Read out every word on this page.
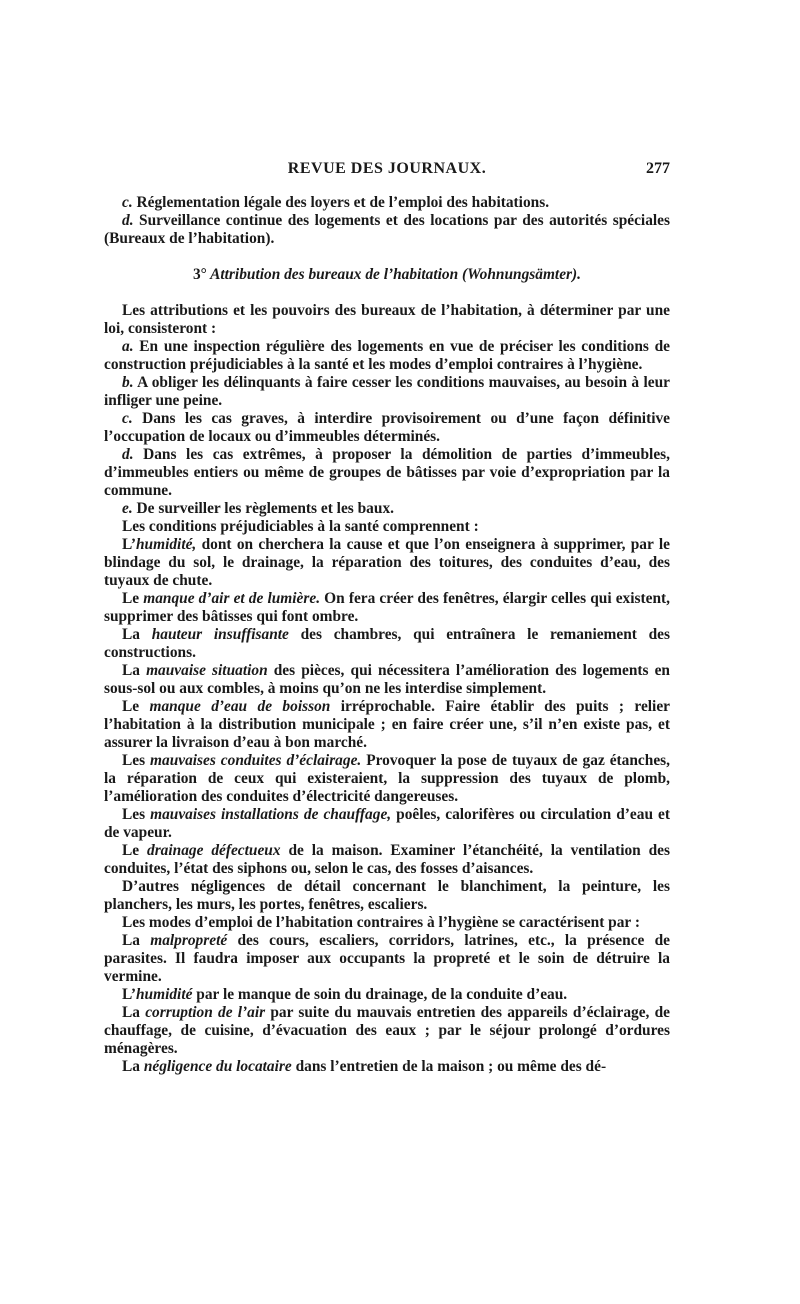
REVUE DES JOURNAUX.	277

c. Réglementation légale des loyers et de l’emploi des habitations.

d. Surveillance continue des logements et des locations par des autorités spéciales (Bureaux de l’habitation).

3° Attribution des bureaux de l’habitation (Wohnungsämter).

Les attributions et les pouvoirs des bureaux de l’habitation, à déterminer par une loi, consisteront :

a. En une inspection régulière des logements en vue de préciser les conditions de construction préjudiciables à la santé et les modes d’emploi contraires à l’hygiène.

b. A obliger les délinquants à faire cesser les conditions mauvaises, au besoin à leur infliger une peine.

c. Dans les cas graves, à interdire provisoirement ou d’une façon définitive l’occupation de locaux ou d’immeubles déterminés.

d. Dans les cas extrêmes, à proposer la démolition de parties d’immeubles, d’immeubles entiers ou même de groupes de bâtisses par voie d’expropriation par la commune.

e. De surveiller les règlements et les baux.

Les conditions préjudiciables à la santé comprennent :

L’humidité, dont on cherchera la cause et que l’on enseignera à supprimer, par le blindage du sol, le drainage, la réparation des toitures, des conduites d’eau, des tuyaux de chute.

Le manque d’air et de lumière. On fera créer des fenêtres, élargir celles qui existent, supprimer des bâtisses qui font ombre.

La hauteur insuffisante des chambres, qui entraînera le remaniement des constructions.

La mauvaise situation des pièces, qui nécessitera l’amélioration des logements en sous-sol ou aux combles, à moins qu’on ne les interdise simplement.

Le manque d’eau de boisson irréprochable. Faire établir des puits ; relier l’habitation à la distribution municipale ; en faire créer une, s’il n’en existe pas, et assurer la livraison d’eau à bon marché.

Les mauvaises conduites d’éclairage. Provoquer la pose de tuyaux de gaz étanches, la réparation de ceux qui existeraient, la suppression des tuyaux de plomb, l’amélioration des conduites d’électricité dangereuses.

Les mauvaises installations de chauffage, poêles, calorifères ou circulation d’eau et de vapeur.

Le drainage défectueux de la maison. Examiner l’étanchéité, la ventilation des conduites, l’état des siphons ou, selon le cas, des fosses d’aisances.

D’autres négligences de détail concernant le blanchiment, la peinture, les planchers, les murs, les portes, fenêtres, escaliers.

Les modes d’emploi de l’habitation contraires à l’hygiène se caractérisent par :

La malpropreté des cours, escaliers, corridors, latrines, etc., la présence de parasites. Il faudra imposer aux occupants la propreté et le soin de détruire la vermine.

L’humidité par le manque de soin du drainage, de la conduite d’eau.

La corruption de l’air par suite du mauvais entretien des appareils d’éclairage, de chauffage, de cuisine, d’évacuation des eaux ; par le séjour prolongé d’ordures ménagères.

La négligence du locataire dans l’entretien de la maison ; ou même des dé-
